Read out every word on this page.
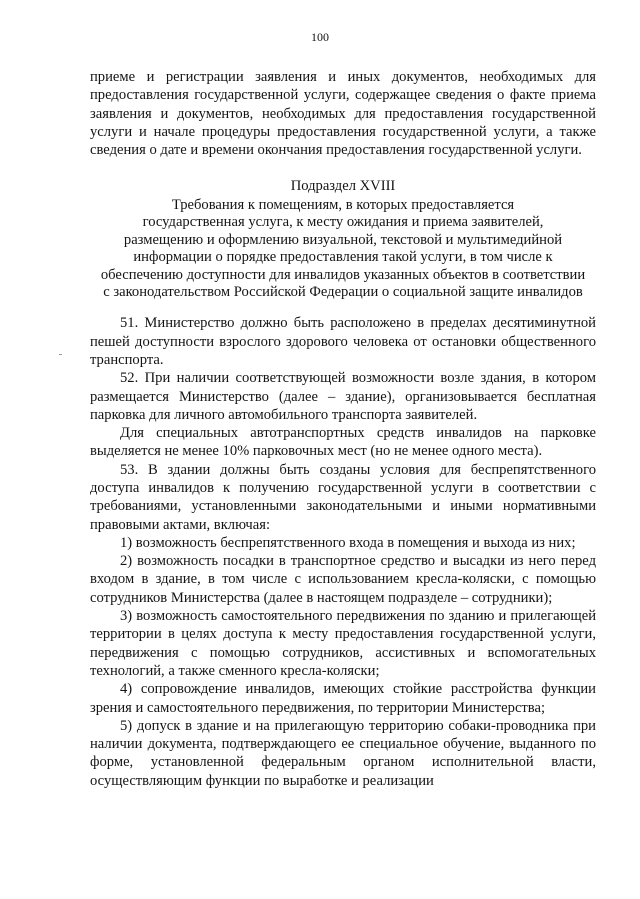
100

приеме и регистрации заявления и иных документов, необходимых для предоставления государственной услуги, содержащее сведения о факте приема заявления и документов, необходимых для предоставления государственной услуги и начале процедуры предоставления государственной услуги, а также сведения о дате и времени окончания предоставления государственной услуги.

Подраздел XVIII
Требования к помещениям, в которых предоставляется
государственная услуга, к месту ожидания и приема заявителей,
размещению и оформлению визуальной, текстовой и мультимедийной
информации о порядке предоставления такой услуги, в том числе к
обеспечению доступности для инвалидов указанных объектов в соответствии
с законодательством Российской Федерации о социальной защите инвалидов

51. Министерство должно быть расположено в пределах десятиминутной пешей доступности взрослого здорового человека от остановки общественного транспорта.

52. При наличии соответствующей возможности возле здания, в котором размещается Министерство (далее – здание), организовывается бесплатная парковка для личного автомобильного транспорта заявителей.

Для специальных автотранспортных средств инвалидов на парковке выделяется не менее 10% парковочных мест (но не менее одного места).

53. В здании должны быть созданы условия для беспрепятственного доступа инвалидов к получению государственной услуги в соответствии с требованиями, установленными законодательными и иными нормативными правовыми актами, включая:

1) возможность беспрепятственного входа в помещения и выхода из них;

2) возможность посадки в транспортное средство и высадки из него перед входом в здание, в том числе с использованием кресла-коляски, с помощью сотрудников Министерства (далее в настоящем подразделе – сотрудники);

3) возможность самостоятельного передвижения по зданию и прилегающей территории в целях доступа к месту предоставления государственной услуги, передвижения с помощью сотрудников, ассистивных и вспомогательных технологий, а также сменного кресла-коляски;

4) сопровождение инвалидов, имеющих стойкие расстройства функции зрения и самостоятельного передвижения, по территории Министерства;

5) допуск в здание и на прилегающую территорию собаки-проводника при наличии документа, подтверждающего ее специальное обучение, выданного по форме, установленной федеральным органом исполнительной власти, осуществляющим функции по выработке и реализации
